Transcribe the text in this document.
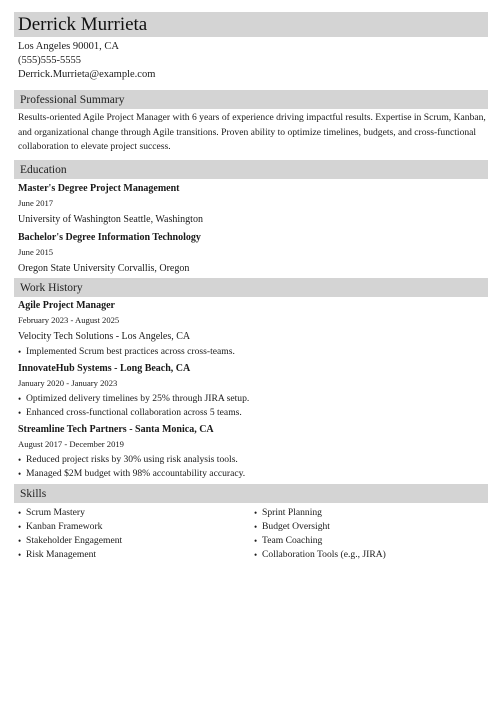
Derrick Murrieta
Los Angeles 90001, CA
(555)555-5555
Derrick.Murrieta@example.com
Professional Summary
Results-oriented Agile Project Manager with 6 years of experience driving impactful results. Expertise in Scrum, Kanban, and organizational change through Agile transitions. Proven ability to optimize timelines, budgets, and cross-functional collaboration to elevate project success.
Education
Master's Degree Project Management
June 2017
University of Washington Seattle, Washington
Bachelor's Degree Information Technology
June 2015
Oregon State University Corvallis, Oregon
Work History
Agile Project Manager
February 2023 - August 2025
Velocity Tech Solutions - Los Angeles, CA
• Implemented Scrum best practices across cross-teams.
InnovateHub Systems - Long Beach, CA
January 2020 - January 2023
• Optimized delivery timelines by 25% through JIRA setup.
• Enhanced cross-functional collaboration across 5 teams.
Streamline Tech Partners - Santa Monica, CA
August 2017 - December 2019
• Reduced project risks by 30% using risk analysis tools.
• Managed $2M budget with 98% accountability accuracy.
Skills
• Scrum Mastery
• Kanban Framework
• Stakeholder Engagement
• Risk Management
• Sprint Planning
• Budget Oversight
• Team Coaching
• Collaboration Tools (e.g., JIRA)
